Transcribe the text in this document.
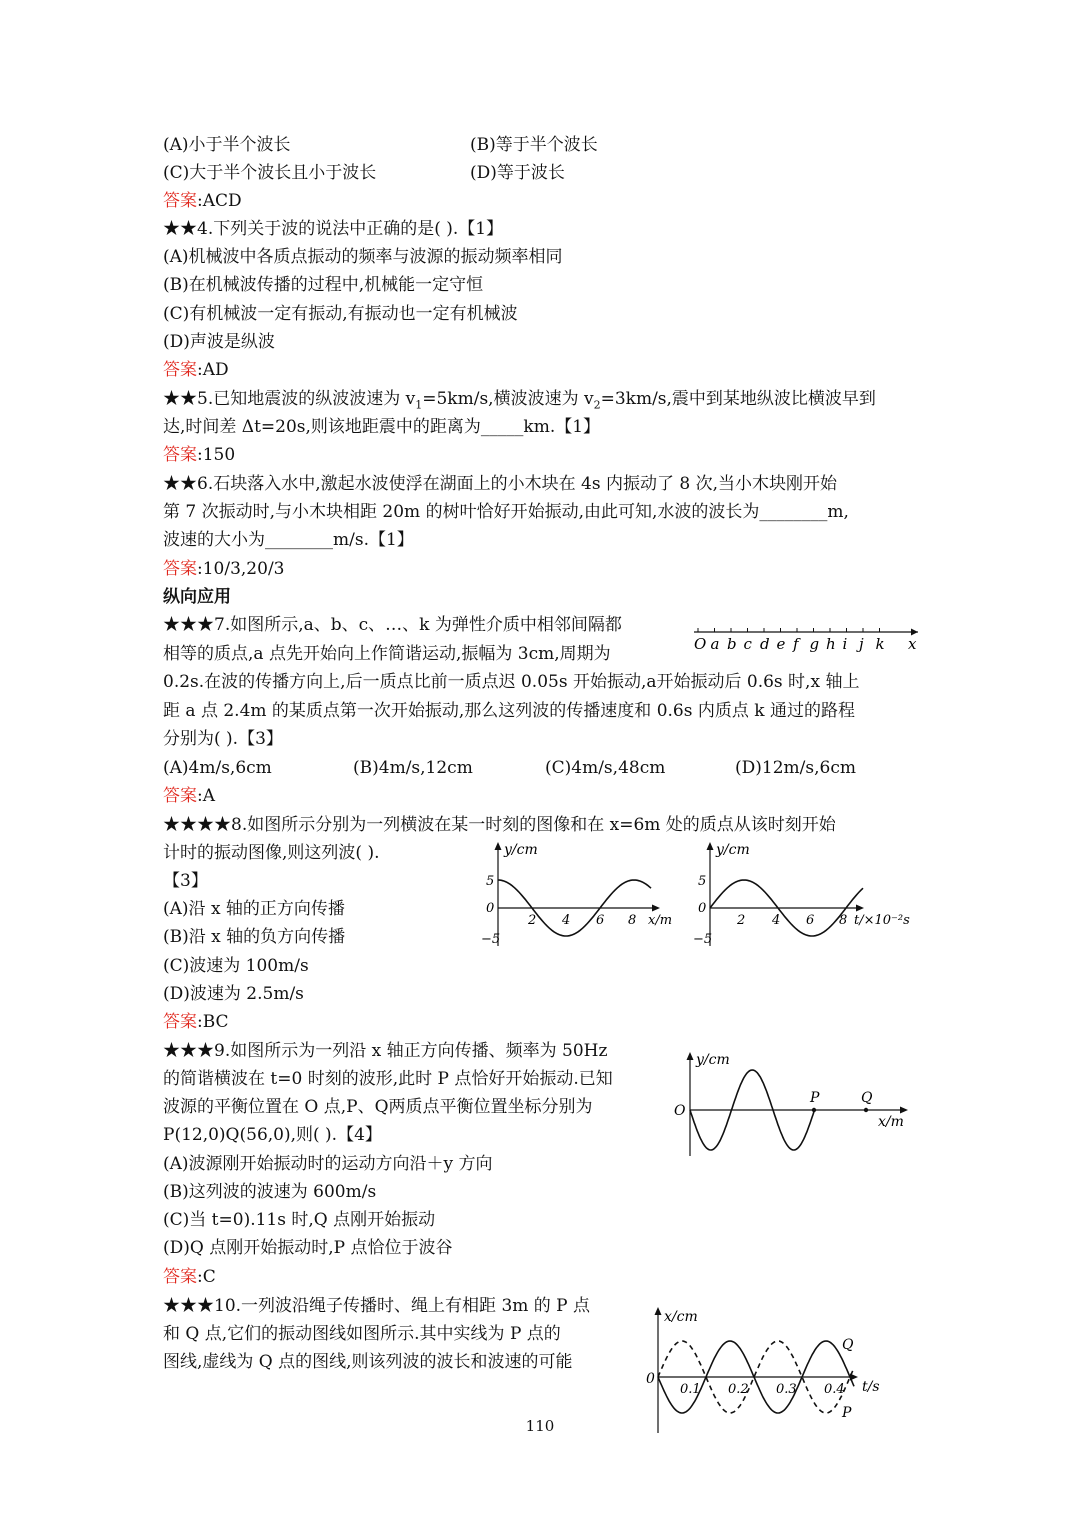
(A)小于半个波长	(B)等于半个波长
(C)大于半个波长且小于波长	(D)等于波长
答案:ACD
★★4.下列关于波的说法中正确的是( ).【1】
(A)机械波中各质点振动的频率与波源的振动频率相同
(B)在机械波传播的过程中,机械能一定守恒
(C)有机械波一定有振动,有振动也一定有机械波
(D)声波是纵波
答案:AD
★★5.已知地震波的纵波波速为 $v_1=5km/s$,横波波速为 $v_2=3km/s$,震中到某地纵波比横波早到
达,时间差 Δt=20s,则该地距震中的距离为_____km.【1】
答案:150
★★6.石块落入水中,激起水波使浮在湖面上的小木块在 4s 内振动了 8 次,当小木块刚开始
第 7 次振动时,与小木块相距 20m 的树叶恰好开始振动,由此可知,水波的波长为________m,
波速的大小为________m/s.【1】
答案:10/3,20/3
纵向应用
★★★7.如图所示,a、b、c、…、k 为弹性介质中相邻间隔都
相等的质点,a 点先开始向上作简谐运动,振幅为 3cm,周期为
0.2s.在波的传播方向上,后一质点比前一质点迟 0.05s 开始振动,a开始振动后 0.6s 时,x 轴上
距 a 点 2.4m 的某质点第一次开始振动,那么这列波的传播速度和 0.6s 内质点 k 通过的路程
分别为( ).【3】
(A)4m/s,6cm	(B)4m/s,12cm	(C)4m/s,48cm	(D)12m/s,6cm
答案:A
O a b c d e f g h i j k x
★★★★8.如图所示分别为一列横波在某一时刻的图像和在 x=6m 处的质点从该时刻开始
计时的振动图像,则这列波( ).
【3】
(A)沿 x 轴的正方向传播
(B)沿 x 轴的负方向传播
(C)波速为 100m/s
(D)波速为 2.5m/s
答案:BC
y/cm
5
0
−5
2 4 6 8 x/m
y/cm
5
0
−5
2 4 6 8 t/×10⁻²s
★★★9.如图所示为一列沿 x 轴正方向传播、频率为 50Hz
的简谐横波在 t=0 时刻的波形,此时 P 点恰好开始振动.已知
波源的平衡位置在 O 点,P、Q两质点平衡位置坐标分别为
P(12,0)Q(56,0),则( ).【4】
(A)波源刚开始振动时的运动方向沿＋y 方向
(B)这列波的波速为 600m/s
(C)当 t=0).11s 时,Q 点刚开始振动
(D)Q 点刚开始振动时,P 点恰位于波谷
答案:C
y/cm
O
P	Q
x/m
★★★10.一列波沿绳子传播时、绳上有相距 3m 的 P 点
和 Q 点,它们的振动图线如图所示.其中实线为 P 点的
图线,虚线为 Q 点的图线,则该列波的波长和波速的可能
x/cm
0
0.1 0.2 0.3 0.4 t/s
Q
P
110
